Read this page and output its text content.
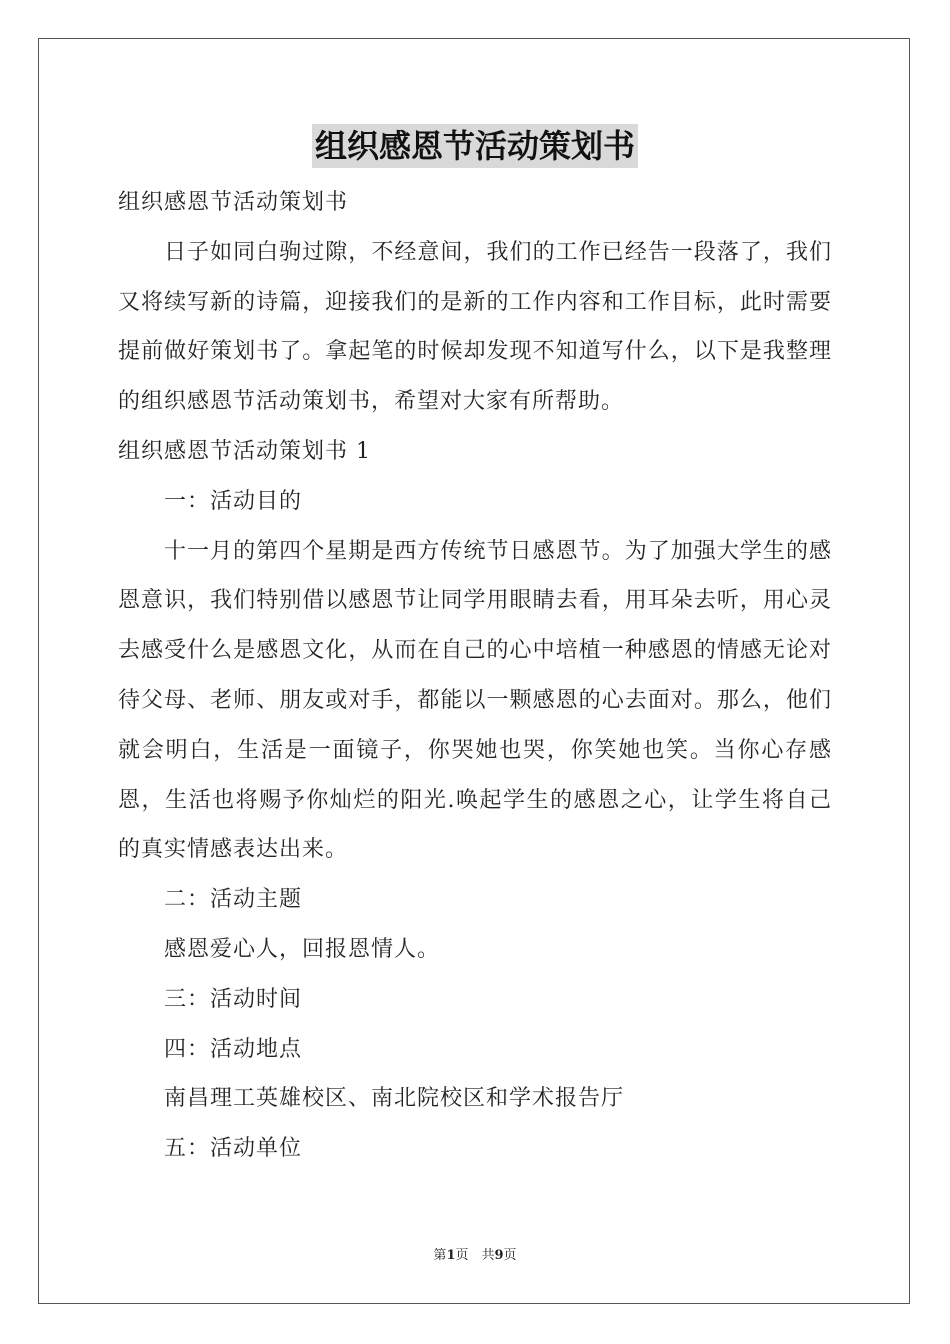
组织感恩节活动策划书

组织感恩节活动策划书

日子如同白驹过隙，不经意间，我们的工作已经告一段落了，我们又将续写新的诗篇，迎接我们的是新的工作内容和工作目标，此时需要提前做好策划书了。拿起笔的时候却发现不知道写什么，以下是我整理的组织感恩节活动策划书，希望对大家有所帮助。

组织感恩节活动策划书 1

一：活动目的

十一月的第四个星期是西方传统节日感恩节。为了加强大学生的感恩意识，我们特别借以感恩节让同学用眼睛去看，用耳朵去听，用心灵去感受什么是感恩文化，从而在自己的心中培植一种感恩的情感无论对待父母、老师、朋友或对手，都能以一颗感恩的心去面对。那么，他们就会明白，生活是一面镜子，你哭她也哭，你笑她也笑。当你心存感恩，生活也将赐予你灿烂的阳光.唤起学生的感恩之心，让学生将自己的真实情感表达出来。

二：活动主题

感恩爱心人，回报恩情人。

三：活动时间

四：活动地点

南昌理工英雄校区、南北院校区和学术报告厅

五：活动单位

第1页　共9页
